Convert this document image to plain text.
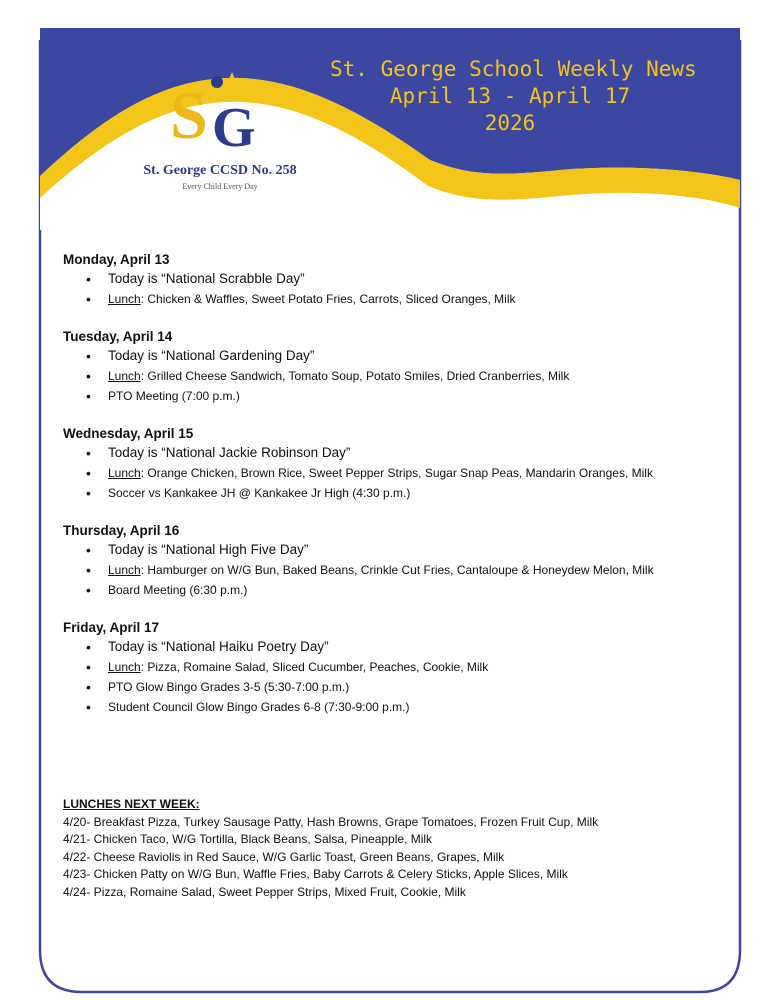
S G
St. George CCSD No. 258
Every Child Every Day
St. George School Weekly News
April 13 - April 17
2026
Monday, April 13
• Today is “National Scrabble Day”
• Lunch: Chicken & Waffles, Sweet Potato Fries, Carrots, Sliced Oranges, Milk
Tuesday, April 14
• Today is “National Gardening Day”
• Lunch: Grilled Cheese Sandwich, Tomato Soup, Potato Smiles, Dried Cranberries, Milk
• PTO Meeting (7:00 p.m.)
Wednesday, April 15
• Today is “National Jackie Robinson Day”
• Lunch: Orange Chicken, Brown Rice, Sweet Pepper Strips, Sugar Snap Peas, Mandarin Oranges, Milk
• Soccer vs Kankakee JH @ Kankakee Jr High (4:30 p.m.)
Thursday, April 16
• Today is “National High Five Day”
• Lunch: Hamburger on W/G Bun, Baked Beans, Crinkle Cut Fries, Cantaloupe & Honeydew Melon, Milk
• Board Meeting (6:30 p.m.)
Friday, April 17
• Today is “National Haiku Poetry Day”
• Lunch: Pizza, Romaine Salad, Sliced Cucumber, Peaches, Cookie, Milk
• PTO Glow Bingo Grades 3-5 (5:30-7:00 p.m.)
• Student Council Glow Bingo Grades 6-8 (7:30-9:00 p.m.)
LUNCHES NEXT WEEK:
4/20- Breakfast Pizza, Turkey Sausage Patty, Hash Browns, Grape Tomatoes, Frozen Fruit Cup, Milk
4/21- Chicken Taco, W/G Tortilla, Black Beans, Salsa, Pineapple, Milk
4/22- Cheese Raviolis in Red Sauce, W/G Garlic Toast, Green Beans, Grapes, Milk
4/23- Chicken Patty on W/G Bun, Waffle Fries, Baby Carrots & Celery Sticks, Apple Slices, Milk
4/24- Pizza, Romaine Salad, Sweet Pepper Strips, Mixed Fruit, Cookie, Milk
